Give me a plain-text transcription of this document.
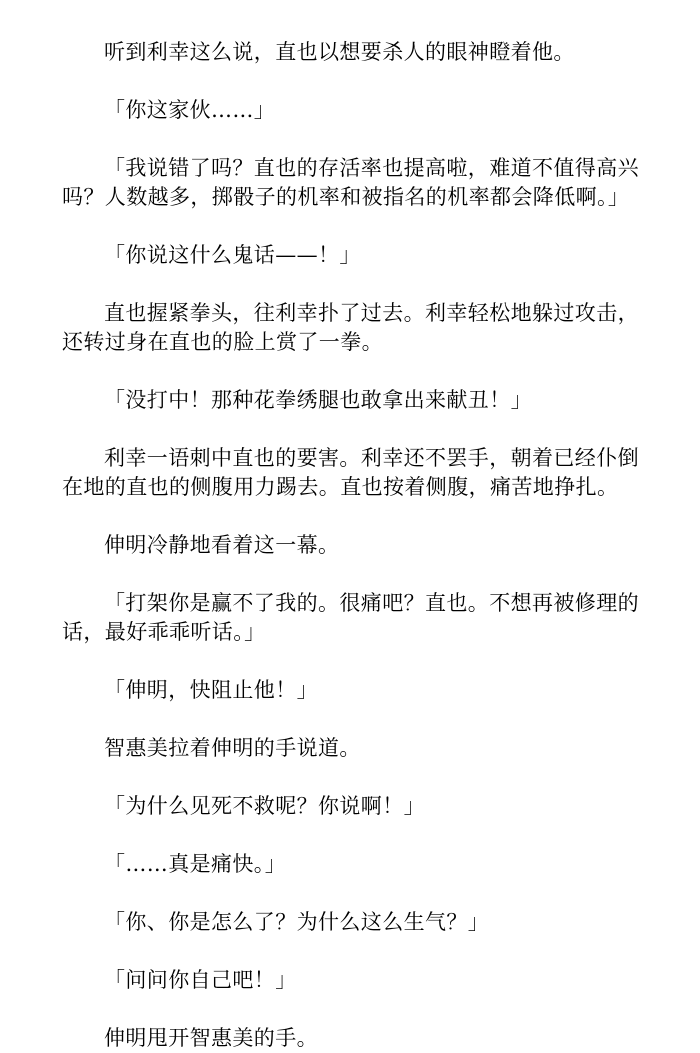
听到利幸这么说，直也以想要杀人的眼神瞪着他。

「你这家伙……」

「我说错了吗？直也的存活率也提高啦，难道不值得高兴吗？人数越多，掷骰子的机率和被指名的机率都会降低啊。」

「你说这什么鬼话——！」

直也握紧拳头，往利幸扑了过去。利幸轻松地躲过攻击，还转过身在直也的脸上赏了一拳。

「没打中！那种花拳绣腿也敢拿出来献丑！」

利幸一语刺中直也的要害。利幸还不罢手，朝着已经仆倒在地的直也的侧腹用力踢去。直也按着侧腹，痛苦地挣扎。

伸明冷静地看着这一幕。

「打架你是赢不了我的。很痛吧？直也。不想再被修理的话，最好乖乖听话。」

「伸明，快阻止他！」

智惠美拉着伸明的手说道。

「为什么见死不救呢？你说啊！」

「……真是痛快。」

「你、你是怎么了？为什么这么生气？」

「问问你自己吧！」

伸明甩开智惠美的手。
